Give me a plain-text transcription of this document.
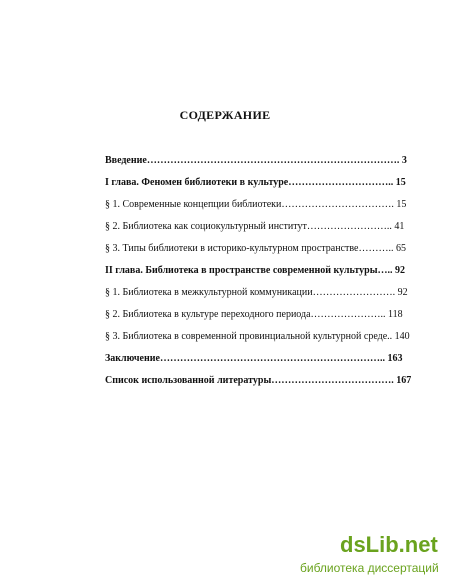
СОДЕРЖАНИЕ
Введение…………………………………………………………………. 3
I глава. Феномен библиотеки в культуре………………………….. 15
§ 1. Современные концепции библиотеки……………………………. 15
§ 2. Библиотека как социокультурный институт…………………….. 41
§ 3. Типы библиотеки в историко-культурном пространстве……….. 65
II глава. Библиотека в пространстве современной культуры….. 92
§ 1. Библиотека в межкультурной коммуникации……………………. 92
§ 2. Библиотека в культуре переходного периода………………….. 118
§ 3. Библиотека в современной провинциальной культурной среде.. 140
Заключение………………………………………………………….. 163
Список использованной литературы………………………………. 167
dsLib.net
библиотека диссертаций
